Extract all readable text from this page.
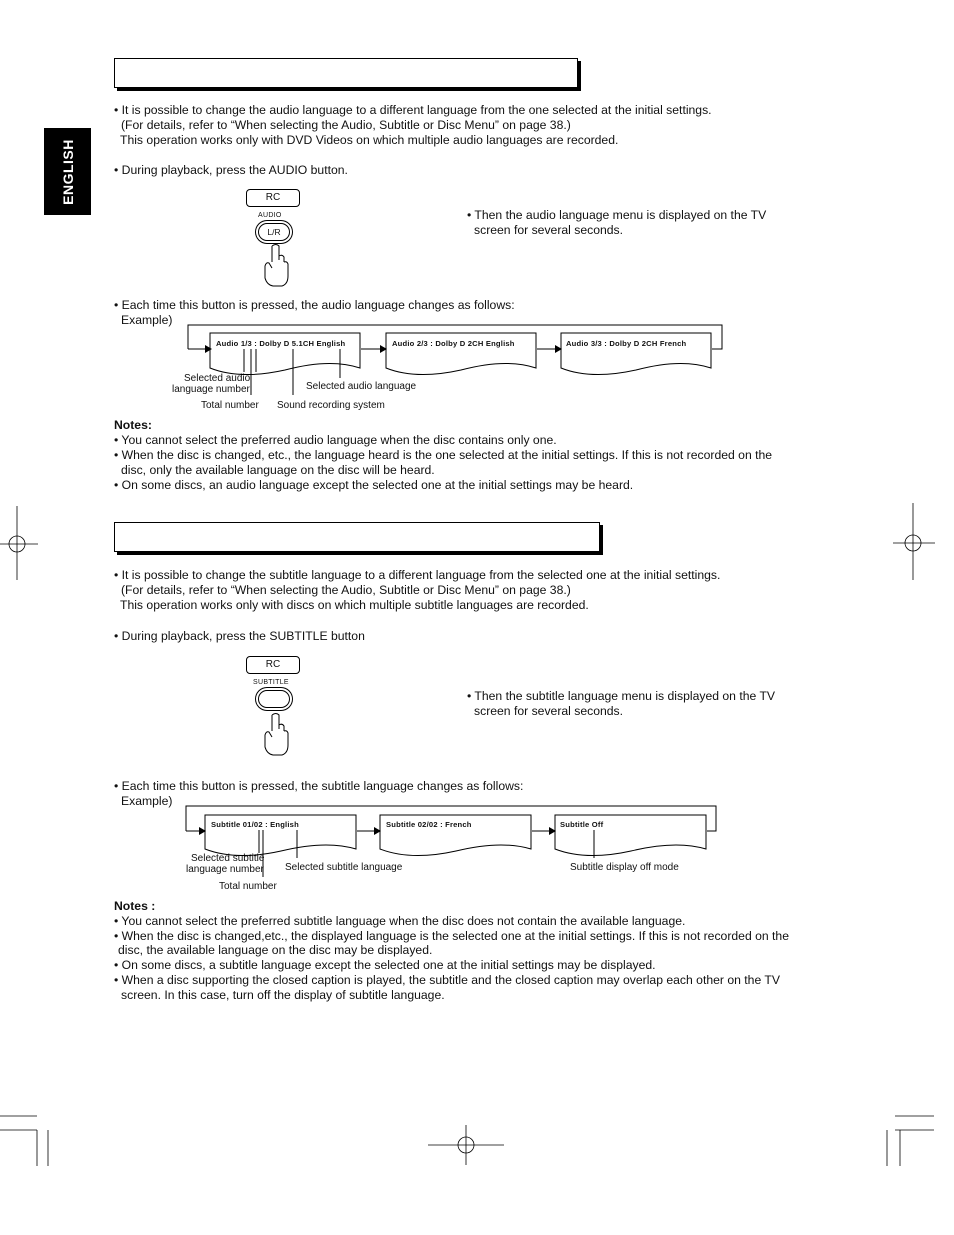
ENGLISH
• It is possible to change the audio language to a different language from the one selected at the initial settings.
(For details, refer to “When selecting the Audio, Subtitle or Disc Menu” on page 38.)
This operation works only with DVD Videos on which multiple audio languages are recorded.
• During playback, press the AUDIO button.
RC
AUDIO
L/R
• Then the audio language menu is displayed on the TV
screen for several seconds.
• Each time this button is pressed, the audio language changes as follows:
Example)
Audio 1/3 : Dolby D 5.1CH English	Audio 2/3 : Dolby D 2CH English	Audio 3/3 : Dolby D 2CH French
Selected audio
language number
Total number Sound recording system
Selected audio language
Notes:
• You cannot select the preferred audio language when the disc contains only one.
• When the disc is changed, etc., the language heard is the one selected at the initial settings. If this is not recorded on the
disc, only the available language on the disc will be heard.
• On some discs, an audio language except the selected one at the initial settings may be heard.
• It is possible to change the subtitle language to a different language from the selected one at the initial settings.
(For details, refer to “When selecting the Audio, Subtitle or Disc Menu” on page 38.)
This operation works only with discs on which multiple subtitle languages are recorded.
• During playback, press the SUBTITLE button
RC
SUBTITLE
• Then the subtitle language menu is displayed on the TV
screen for several seconds.
• Each time this button is pressed, the subtitle language changes as follows:
Example)
Subtitle 01/02 : English	Subtitle 02/02 : French	Subtitle Off
Selected subtitle
language number
Total number
Selected subtitle language	Subtitle display off mode
Notes :
• You cannot select the preferred subtitle language when the disc does not contain the available language.
• When the disc is changed,etc., the displayed language is the selected one at the initial settings. If this is not recorded on the
disc, the available language on the disc may be displayed.
• On some discs, a subtitle language except the selected one at the initial settings may be displayed.
• When a disc supporting the closed caption is played, the subtitle and the closed caption may overlap each other on the TV
screen. In this case, turn off the display of subtitle language.
